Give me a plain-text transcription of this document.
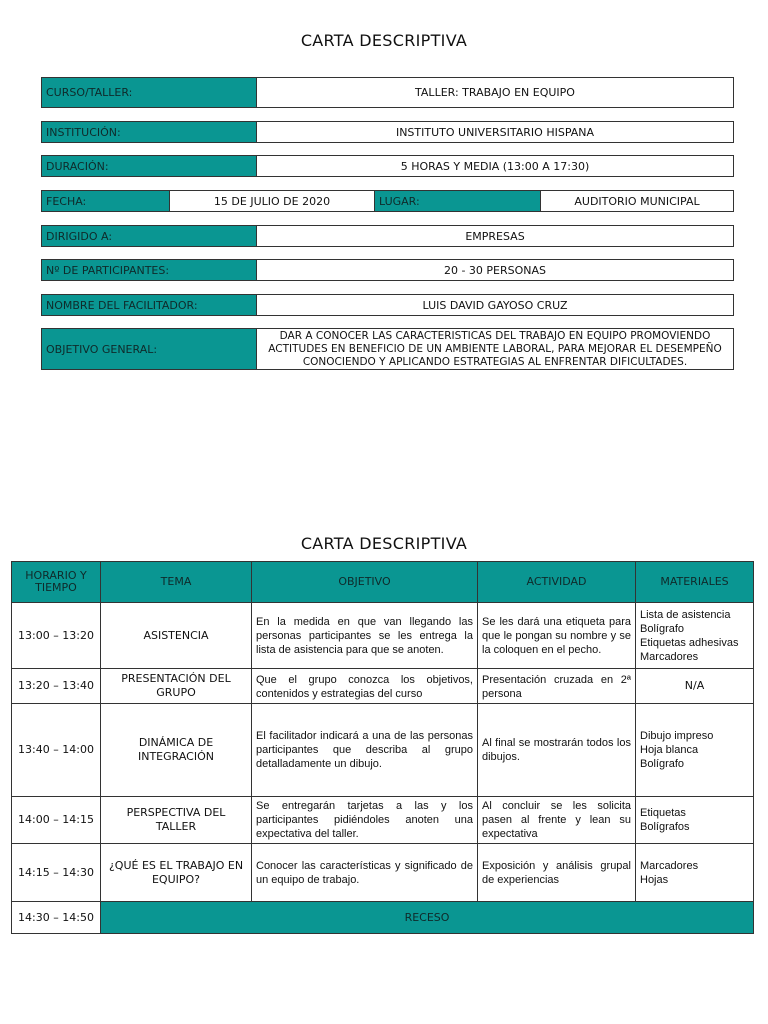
CARTA DESCRIPTIVA
CURSO/TALLER:	TALLER: TRABAJO EN EQUIPO
INSTITUCIÓN:	INSTITUTO UNIVERSITARIO HISPANA
DURACIÓN:	5 HORAS Y MEDIA (13:00 A 17:30)
FECHA:	15 DE JULIO DE 2020	LUGAR:	AUDITORIO MUNICIPAL
DIRIGIDO A:	EMPRESAS
Nº DE PARTICIPANTES:	20 - 30 PERSONAS
NOMBRE DEL FACILITADOR:	LUIS DAVID GAYOSO CRUZ
OBJETIVO GENERAL:
DAR A CONOCER LAS CARACTERISTICAS DEL TRABAJO EN EQUIPO PROMOVIENDO ACTITUDES EN BENEFICIO DE UN AMBIENTE LABORAL, PARA MEJORAR EL DESEMPEÑO CONOCIENDO Y APLICANDO ESTRATEGIAS AL ENFRENTAR DIFICULTADES.
CARTA DESCRIPTIVA
HORARIO Y TIEMPO	TEMA	OBJETIVO	ACTIVIDAD	MATERIALES
13:00 – 13:20	ASISTENCIA	En la medida en que van llegando las personas participantes se les entrega la lista de asistencia para que se anoten.	Se les dará una etiqueta para que le pongan su nombre y se la coloquen en el pecho.	Lista de asistencia
Bolígrafo
Etiquetas adhesivas
Marcadores

13:20 – 13:40	PRESENTACIÓN DEL GRUPO	Que el grupo conozca los objetivos, contenidos y estrategias del curso	Presentación cruzada en 2ª persona	N/A
13:40 – 14:00	DINÁMICA DE INTEGRACIÓN	El facilitador indicará a una de las personas participantes que describa al grupo detalladamente un dibujo.	Al final se mostrarán todos los dibujos.	Dibujo impreso
Hoja blanca
Bolígrafo

14:00 – 14:15	PERSPECTIVA DEL TALLER	Se entregarán tarjetas a las y los participantes pidiéndoles anoten una expectativa del taller.	Al concluir se les solicita pasen al frente y lean su expectativa	Etiquetas
Bolígrafos

14:15 – 14:30	¿QUÉ ES EL TRABAJO EN EQUIPO?	Conocer las características y significado de un equipo de trabajo.	Exposición y análisis grupal de experiencias	Marcadores
Hojas

14:30 – 14:50	RECESO			
